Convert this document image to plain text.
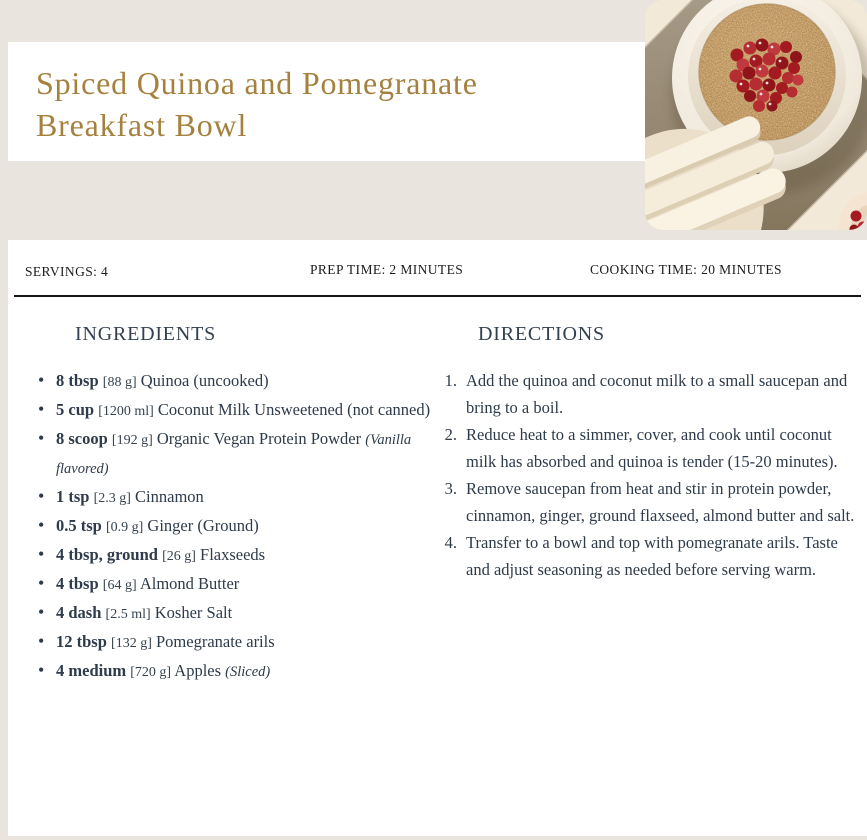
Spiced Quinoa and Pomegranate Breakfast Bowl
SERVINGS: 4	PREP TIME: 2 MINUTES	COOKING TIME: 20 MINUTES
INGREDIENTS
• 8 tbsp [88 g] Quinoa (uncooked)
• 5 cup [1200 ml] Coconut Milk Unsweetened (not canned)
• 8 scoop [192 g] Organic Vegan Protein Powder (Vanilla flavored)
• 1 tsp [2.3 g] Cinnamon
• 0.5 tsp [0.9 g] Ginger (Ground)
• 4 tbsp, ground [26 g] Flaxseeds
• 4 tbsp [64 g] Almond Butter
• 4 dash [2.5 ml] Kosher Salt
• 12 tbsp [132 g] Pomegranate arils
• 4 medium [720 g] Apples (Sliced)
DIRECTIONS
1. Add the quinoa and coconut milk to a small saucepan and bring to a boil.
2. Reduce heat to a simmer, cover, and cook until coconut milk has absorbed and quinoa is tender (15-20 minutes).
3. Remove saucepan from heat and stir in protein powder, cinnamon, ginger, ground flaxseed, almond butter and salt.
4. Transfer to a bowl and top with pomegranate arils. Taste and adjust seasoning as needed before serving warm.
